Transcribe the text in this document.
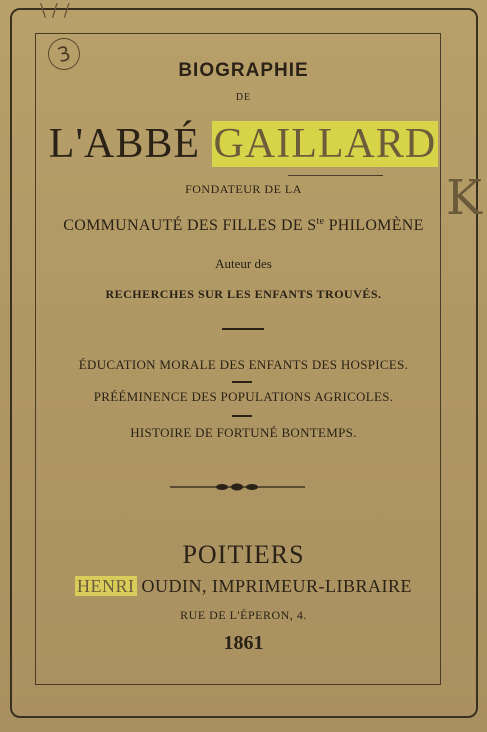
\ / /
3
K
BIOGRAPHIE
DE
L'ABBÉ GAILLARD
FONDATEUR DE LA
COMMUNAUTÉ DES FILLES DE $S^{te}$ PHILOMÈNE
Auteur des
RECHERCHES SUR LES ENFANTS TROUVÉS.
ÉDUCATION MORALE DES ENFANTS DES HOSPICES.
PRÉÉMINENCE DES POPULATIONS AGRICOLES.
HISTOIRE DE FORTUNÉ BONTEMPS.
POITIERS
HENRI OUDIN, IMPRIMEUR-LIBRAIRE
RUE DE L'ÉPERON, 4.
1861
